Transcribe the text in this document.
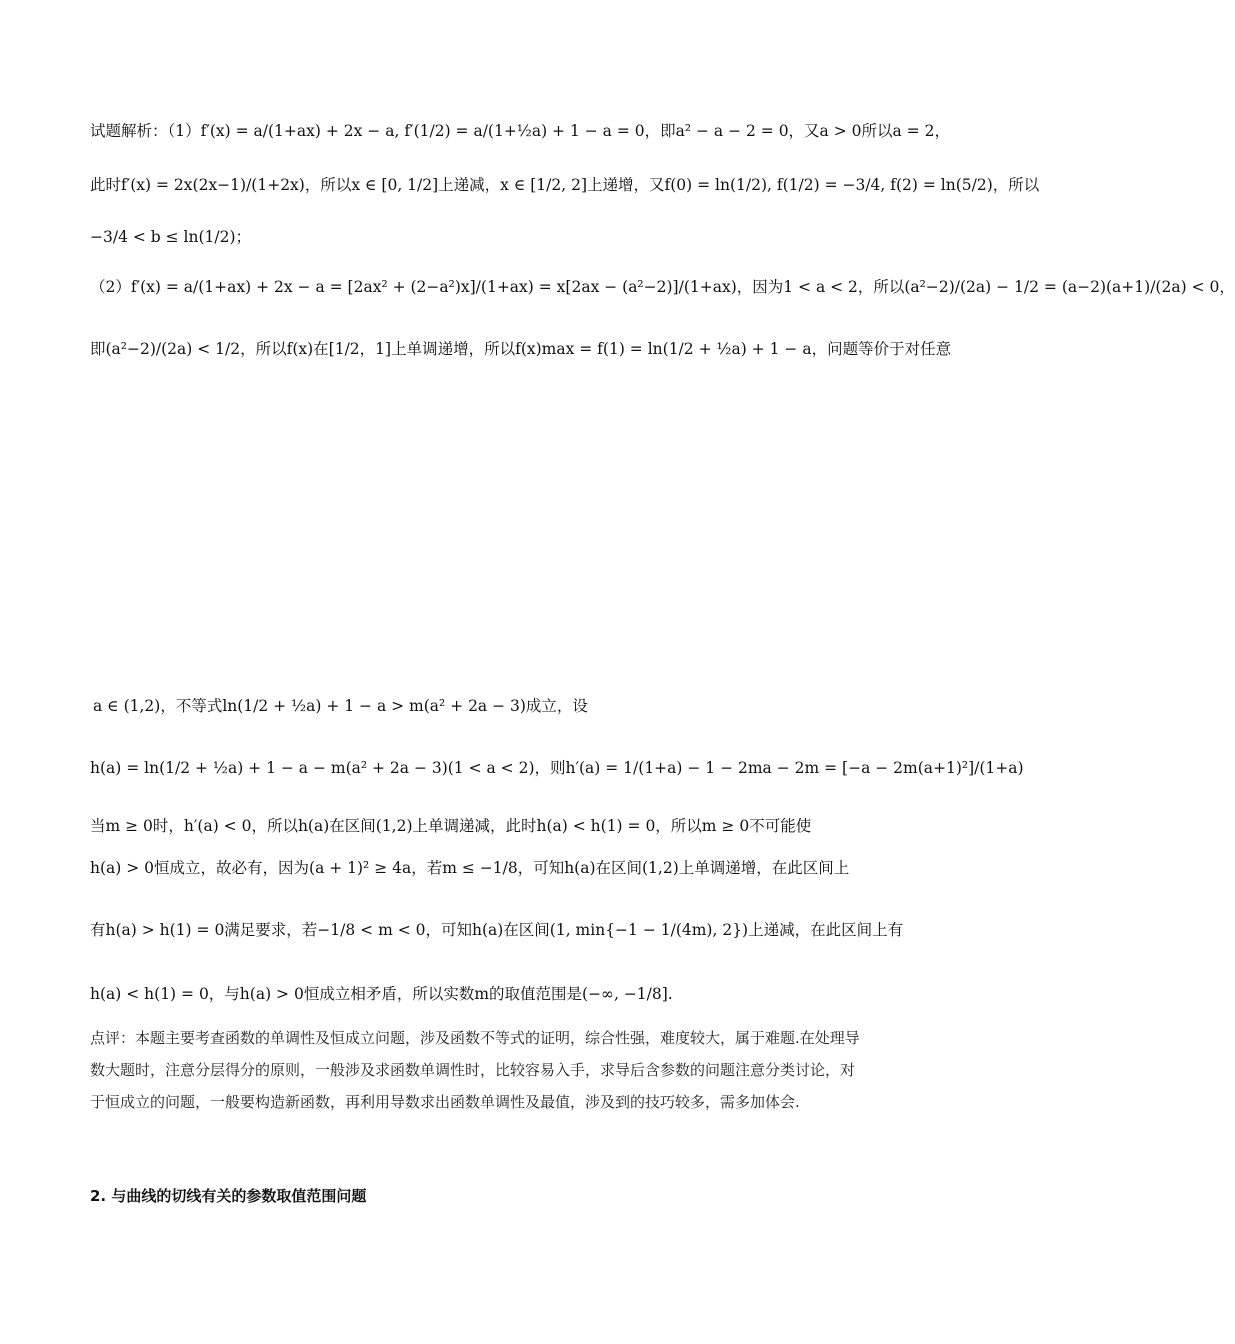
试题解析：（1）f′(x) = a/(1+ax) + 2x − a, f′(1/2) = a/(1+½a) + 1 − a = 0，即a² − a − 2 = 0，又a > 0所以a = 2，
此时f′(x) = 2x(2x−1)/(1+2x)，所以x ∈ [0, 1/2]上递减，x ∈ [1/2, 2]上递增，又f(0) = ln(1/2), f(1/2) = −3/4, f(2) = ln(5/2)，所以
−3/4 < b ≤ ln(1/2)；
（2）f′(x) = a/(1+ax) + 2x − a = [2ax² + (2−a²)x]/(1+ax) = x[2ax − (a²−2)]/(1+ax)，因为1 < a < 2，所以(a²−2)/(2a) − 1/2 = (a−2)(a+1)/(2a) < 0，
即(a²−2)/(2a) < 1/2，所以f(x)在[1/2，1]上单调递增，所以f(x)max = f(1) = ln(1/2 + ½a) + 1 − a，问题等价于对任意
a ∈ (1,2)，不等式ln(1/2 + ½a) + 1 − a > m(a² + 2a − 3)成立，设
h(a) = ln(1/2 + ½a) + 1 − a − m(a² + 2a − 3)(1 < a < 2)，则h′(a) = 1/(1+a) − 1 − 2ma − 2m = [−a − 2m(a+1)²]/(1+a)
当m ≥ 0时，h′(a) < 0，所以h(a)在区间(1,2)上单调递减，此时h(a) < h(1) = 0，所以m ≥ 0不可能使
h(a) > 0恒成立，故必有，因为(a + 1)² ≥ 4a，若m ≤ −1/8，可知h(a)在区间(1,2)上单调递增，在此区间上
有h(a) > h(1) = 0满足要求，若−1/8 < m < 0，可知h(a)在区间(1, min{−1 − 1/(4m), 2})上递减，在此区间上有
h(a) < h(1) = 0，与h(a) > 0恒成立相矛盾，所以实数m的取值范围是(−∞, −1/8].
点评：本题主要考查函数的单调性及恒成立问题，涉及函数不等式的证明，综合性强，难度较大，属于难题.在处理导数大题时，注意分层得分的原则，一般涉及求函数单调性时，比较容易入手，求导后含参数的问题注意分类讨论，对于恒成立的问题，一般要构造新函数，再利用导数求出函数单调性及最值，涉及到的技巧较多，需多加体会.
2. 与曲线的切线有关的参数取值范围问题
